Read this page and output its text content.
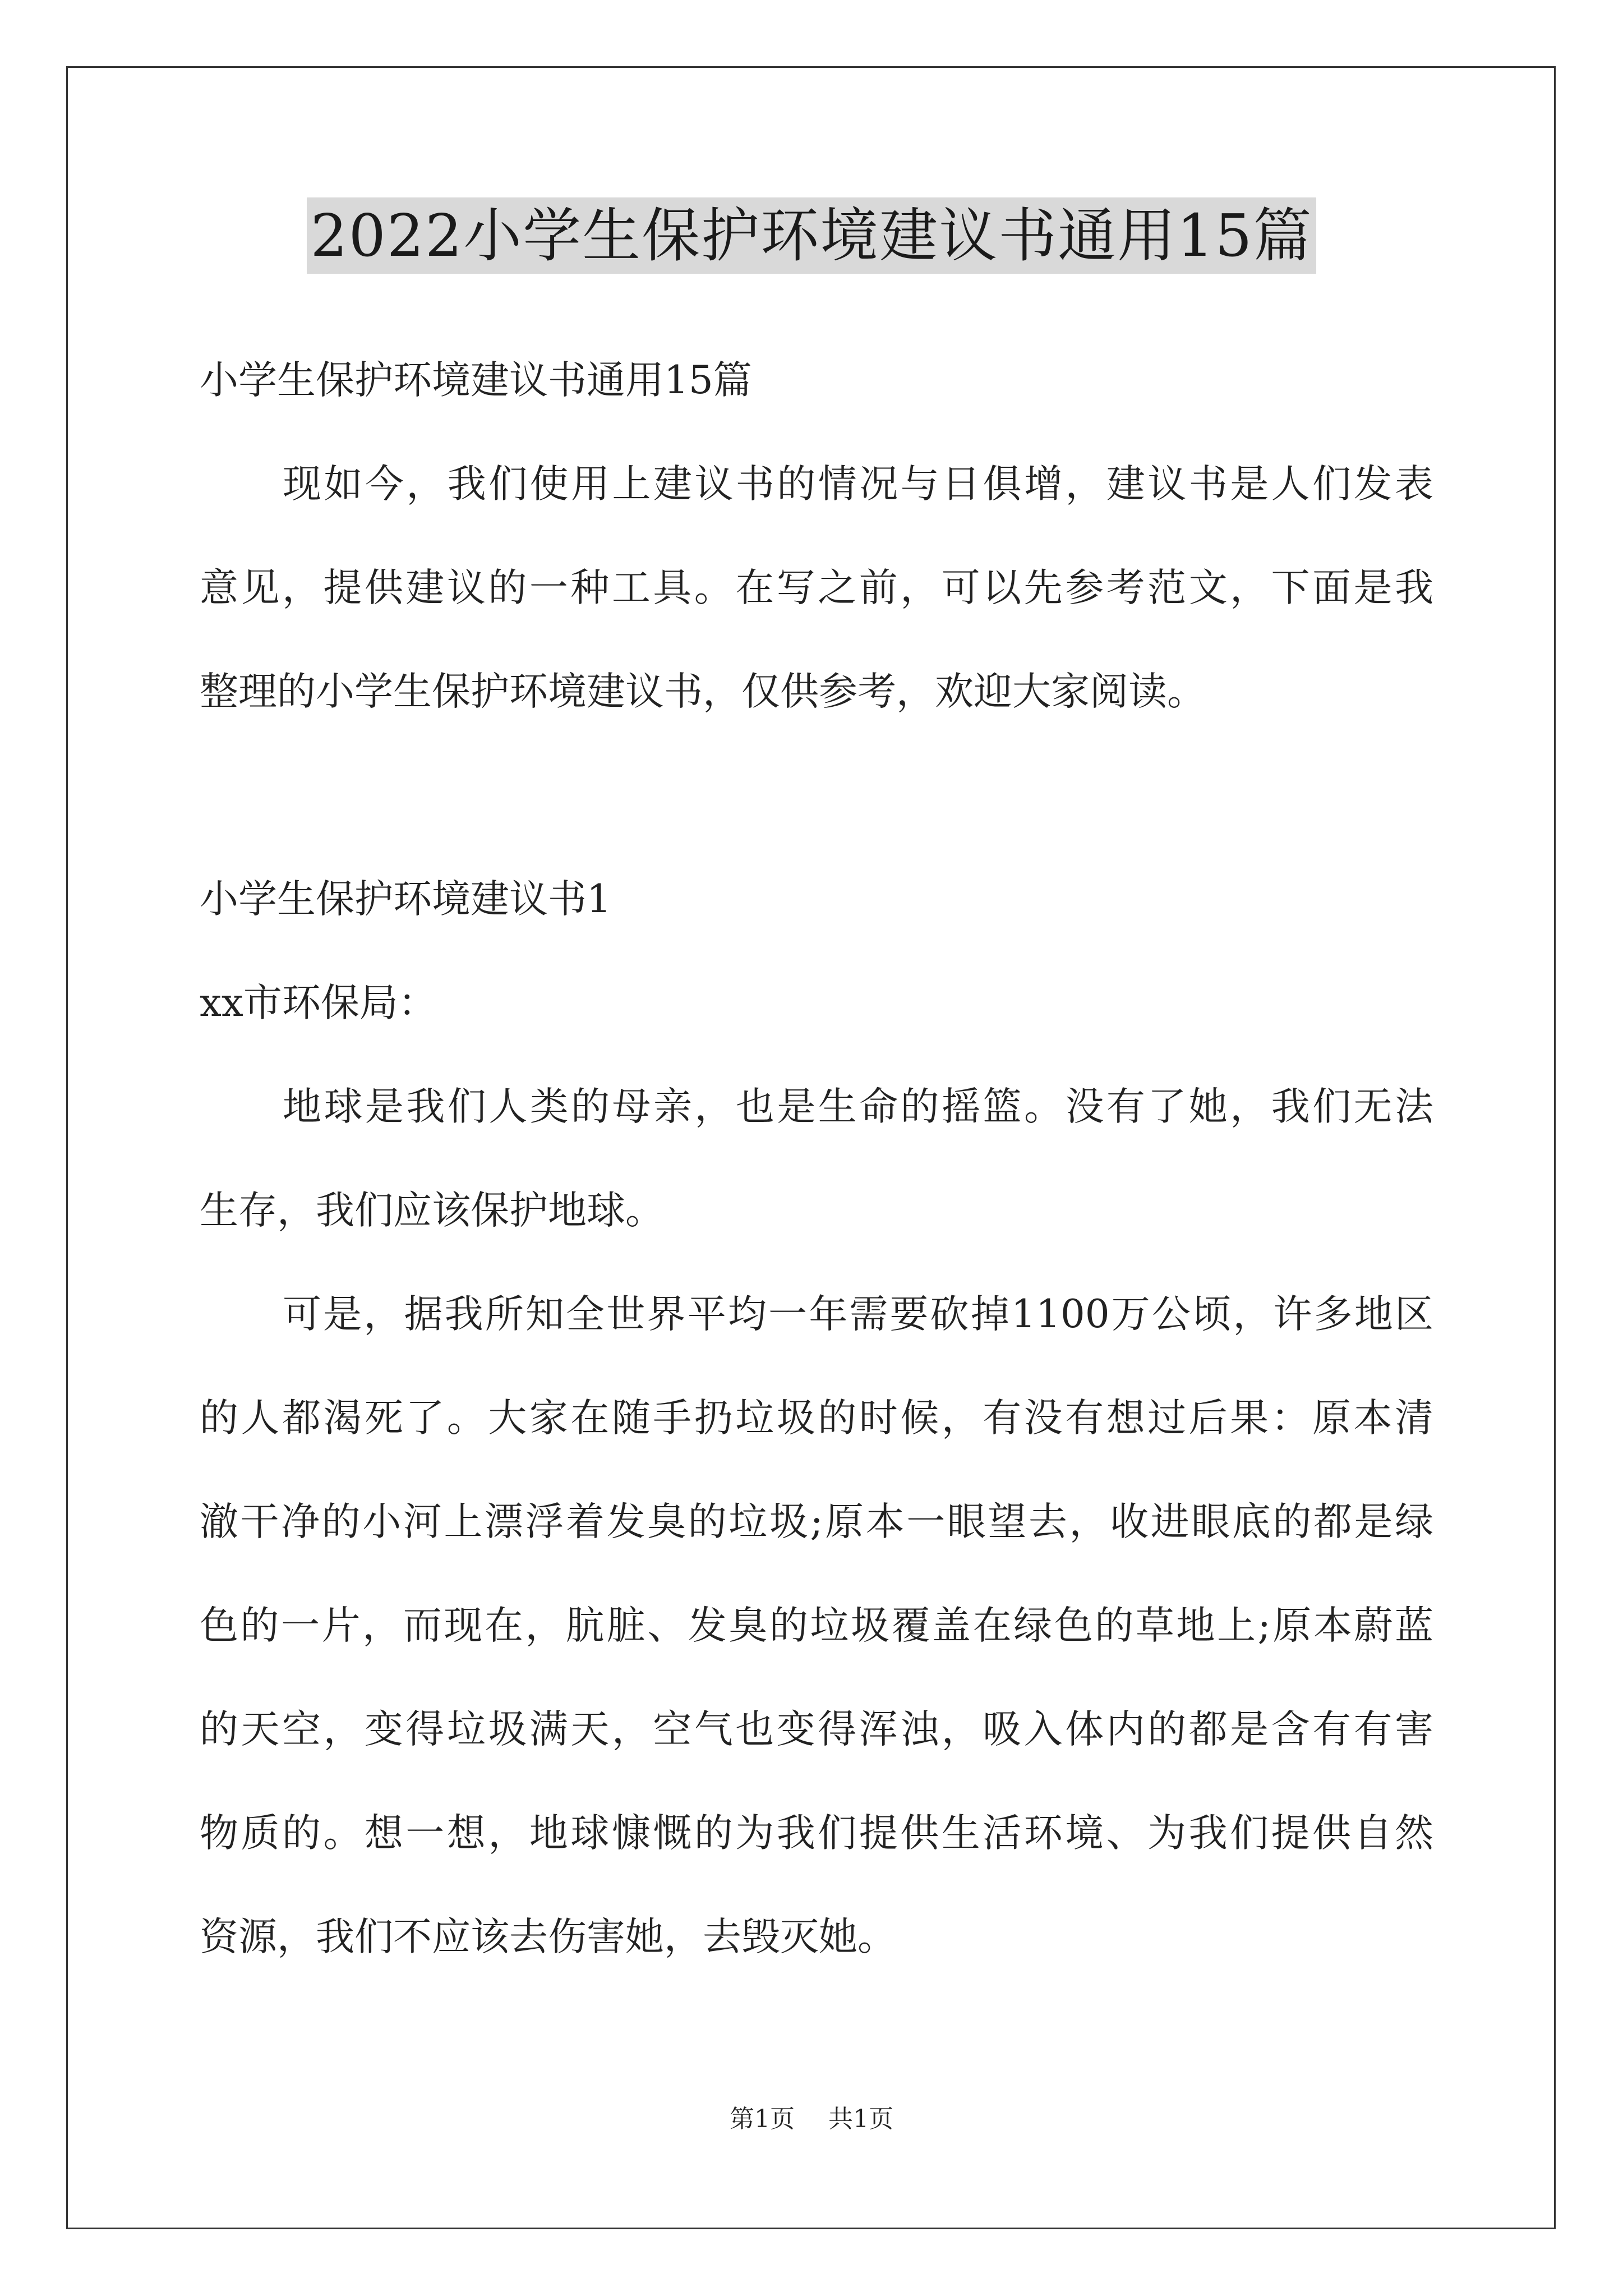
2022小学生保护环境建议书通用15篇
小学生保护环境建议书通用15篇
现如今，我们使用上建议书的情况与日俱增，建议书是人们发表
意见，提供建议的一种工具。在写之前，可以先参考范文，下面是我
整理的小学生保护环境建议书，仅供参考，欢迎大家阅读。
小学生保护环境建议书1
xx市环保局：
地球是我们人类的母亲，也是生命的摇篮。没有了她，我们无法
生存，我们应该保护地球。
可是，据我所知全世界平均一年需要砍掉1100万公顷，许多地区
的人都渴死了。大家在随手扔垃圾的时候，有没有想过后果：原本清
澈干净的小河上漂浮着发臭的垃圾;原本一眼望去，收进眼底的都是绿
色的一片，而现在，肮脏、发臭的垃圾覆盖在绿色的草地上;原本蔚蓝
的天空，变得垃圾满天，空气也变得浑浊，吸入体内的都是含有有害
物质的。想一想，地球慷慨的为我们提供生活环境、为我们提供自然
资源，我们不应该去伤害她，去毁灭她。
第1页 共1页
